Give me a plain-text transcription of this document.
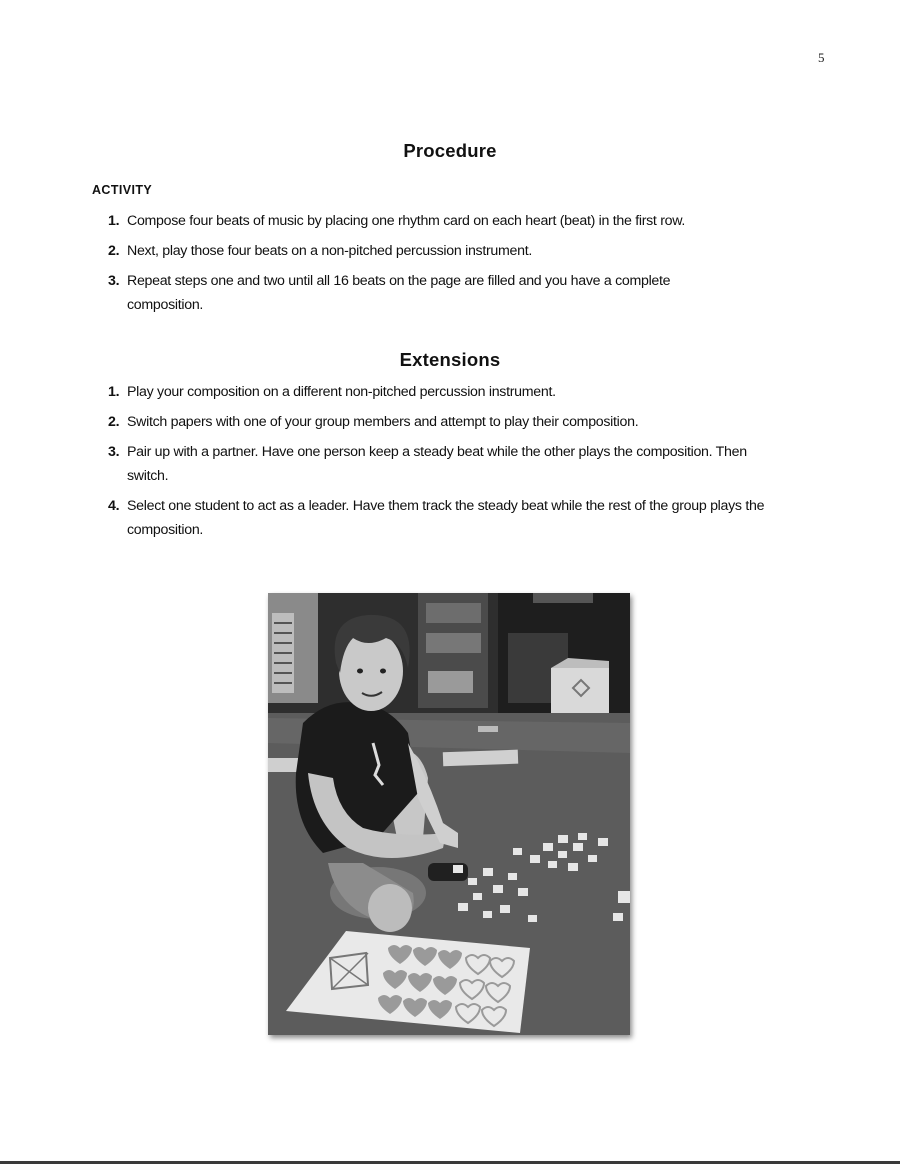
5
Procedure
ACTIVITY
1. Compose four beats of music by placing one rhythm card on each heart (beat) in the first row.
2. Next, play those four beats on a non-pitched percussion instrument.
3. Repeat steps one and two until all 16 beats on the page are filled and you have a complete composition.
Extensions
1. Play your composition on a different non-pitched percussion instrument.
2. Switch papers with one of your group members and attempt to play their composition.
3. Pair up with a partner. Have one person keep a steady beat while the other plays the composition. Then switch.
4. Select one student to act as a leader. Have them track the steady beat while the rest of the group plays the composition.
